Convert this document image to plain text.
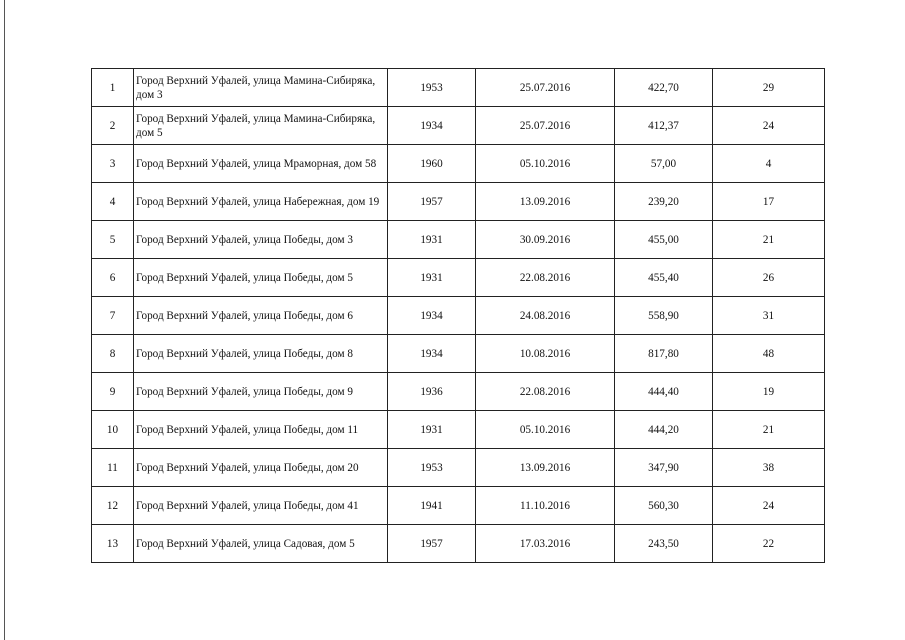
1	Город Верхний Уфалей, улица Мамина-Сибиряка, дом 3	1953	25.07.2016	422,70	29
2	Город Верхний Уфалей, улица Мамина-Сибиряка, дом 5	1934	25.07.2016	412,37	24
3	Город Верхний Уфалей, улица Мраморная, дом 58	1960	05.10.2016	57,00	4
4	Город Верхний Уфалей, улица Набережная, дом 19	1957	13.09.2016	239,20	17
5	Город Верхний Уфалей, улица Победы, дом 3	1931	30.09.2016	455,00	21
6	Город Верхний Уфалей, улица Победы, дом 5	1931	22.08.2016	455,40	26
7	Город Верхний Уфалей, улица Победы, дом 6	1934	24.08.2016	558,90	31
8	Город Верхний Уфалей, улица Победы, дом 8	1934	10.08.2016	817,80	48
9	Город Верхний Уфалей, улица Победы, дом 9	1936	22.08.2016	444,40	19
10	Город Верхний Уфалей, улица Победы, дом 11	1931	05.10.2016	444,20	21
11	Город Верхний Уфалей, улица Победы, дом 20	1953	13.09.2016	347,90	38
12	Город Верхний Уфалей, улица Победы, дом 41	1941	11.10.2016	560,30	24
13	Город Верхний Уфалей, улица Садовая, дом 5	1957	17.03.2016	243,50	22
